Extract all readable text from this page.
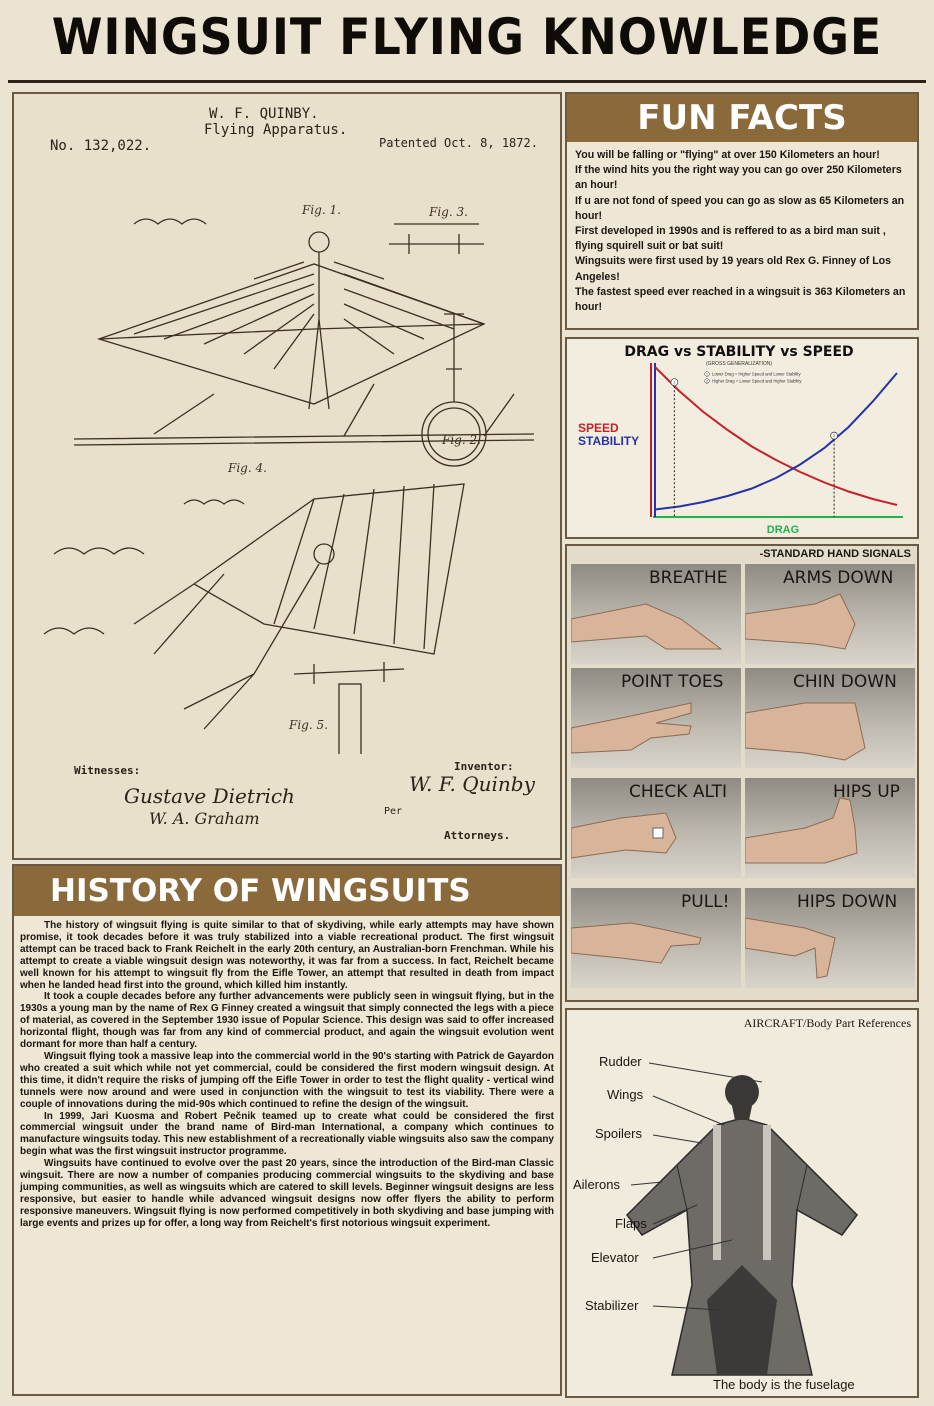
WINGSUIT FLYING KNOWLEDGE
W. F. QUINBY.
Flying Apparatus.
No. 132,022.	Patented Oct. 8, 1872.
Fig. 1.
Fig. 2.
Fig. 3.
Fig. 4.
Fig. 5.
Witnesses:
Gustave Dietrich
W. A. Graham
Inventor:
W. F. Quinby
Per
Attorneys.
FUN FACTS
You will be falling or "flying" at over 150 Kilometers an hour!
If the wind hits you the right way you can go over 250 Kilometers an hour!
If u are not fond of speed you can go as slow as 65 Kilometers an hour!
First developed in 1990s and is reffered to as a bird man suit , flying squirell suit or bat suit!
Wingsuits were first used by 19 years old Rex G. Finney of Los Angeles!
The fastest speed ever reached in a wingsuit is 363 Kilometers an hour!
DRAG vs STABILITY vs SPEED
(GROSS GENERALIZATION)
1
1 Lower Drag = Higher Speed and Lower Stability
2
2 Higher Drag = Lower Speed and Higher Stability
SPEED
STABILITY
DRAG
-STANDARD HAND SIGNALS
BREATHE	ARMS DOWN
POINT TOES	CHIN DOWN
CHECK ALTI	HIPS UP
PULL!	HIPS DOWN
HISTORY OF WINGSUITS

The history of wingsuit flying is quite similar to that of skydiving, while early attempts may have shown promise, it took decades before it was truly stabilized into a viable recreational product. The first wingsuit attempt can be traced back to Frank Reichelt in the early 20th century, an Australian-born Frenchman. While his attempt to create a viable wingsuit design was noteworthy, it was far from a success. In fact, Reichelt became well known for his attempt to wingsuit fly from the Eifle Tower, an attempt that resulted in death from impact when he landed head first into the ground, which killed him instantly.

It took a couple decades before any further advancements were publicly seen in wingsuit flying, but in the 1930s a young man by the name of Rex G Finney created a wingsuit that simply connected the legs with a piece of material, as covered in the September 1930 issue of Popular Science. This design was said to offer increased horizontal flight, though was far from any kind of commercial product, and again the wingsuit evolution went dormant for more than half a century.

Wingsuit flying took a massive leap into the commercial world in the 90's starting with Patrick de Gayardon who created a suit which while not yet commercial, could be considered the first modern wingsuit design. At this time, it didn't require the risks of jumping off the Eifle Tower in order to test the flight quality - vertical wind tunnels were now around and were used in conjunction with the wingsuit to test its viability. There were a couple of innovations during the mid-90s which continued to refine the design of the wingsuit.

In 1999, Jari Kuosma and Robert Pečnik teamed up to create what could be considered the first commercial wingsuit under the brand name of Bird-man International, a company which continues to manufacture wingsuits today. This new establishment of a recreationally viable wingsuits also saw the company begin what was the first wingsuit instructor programme.

Wingsuits have continued to evolve over the past 20 years, since the introduction of the Bird-man Classic wingsuit. There are now a number of companies producing commercial wingsuits to the skydiving and base jumping communities, as well as wingsuits which are catered to skill levels. Beginner wingsuit designs are less responsive, but easier to handle while advanced wingsuit designs now offer flyers the ability to perform responsive maneuvers. Wingsuit flying is now performed competitively in both skydiving and base jumping with large events and prizes up for offer, a long way from Reichelt's first notorious wingsuit experiment.

AIRCRAFT/Body Part References
Rudder
Wings
Spoilers
Ailerons
Flaps
Elevator
Stabilizer
The body is the fuselage
